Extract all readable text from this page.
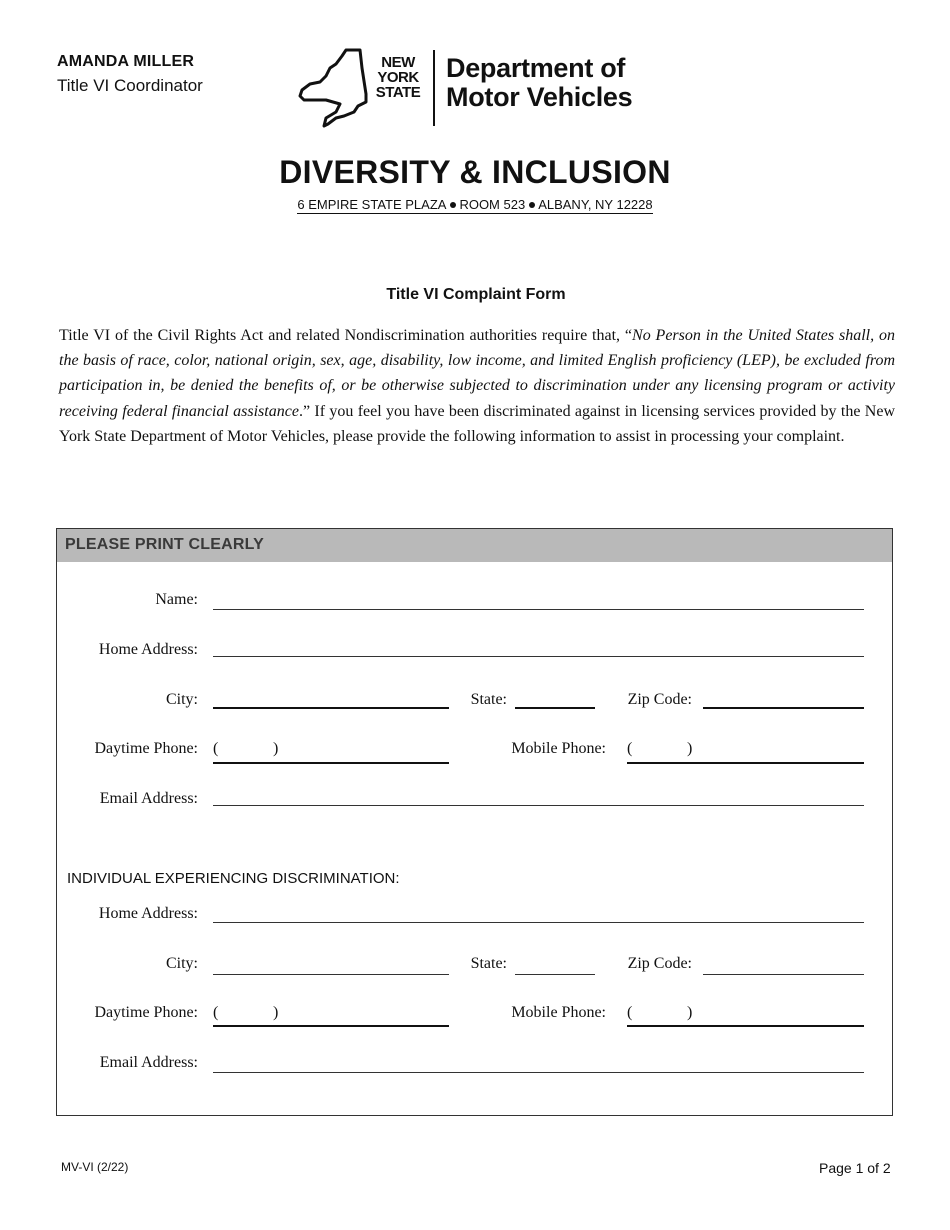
AMANDA MILLER
Title VI Coordinator
NEW YORK STATE
Department of Motor Vehicles
DIVERSITY & INCLUSION
6 EMPIRE STATE PLAZA ROOM 523 ALBANY, NY 12228
Title VI Complaint Form
Title VI of the Civil Rights Act and related Nondiscrimination authorities require that, “No Person in the United States shall, on the basis of race, color, national origin, sex, age, disability, low income, and limited English proficiency (LEP), be excluded from participation in, be denied the benefits of, or be otherwise subjected to discrimination under any licensing program or activity receiving federal financial assistance.” If you feel you have been discriminated against in licensing services provided by the New York State Department of Motor Vehicles, please provide the following information to assist in processing your complaint.
PLEASE PRINT CLEARLY
Name:
Home Address:
City:	State:	Zip Code:
Daytime Phone: (	)	Mobile Phone: (	)
Email Address:
INDIVIDUAL EXPERIENCING DISCRIMINATION:
Home Address:
City:	State:	Zip Code:
Daytime Phone: (	)	Mobile Phone: (	)
Email Address:
MV-VI (2/22)	Page 1 of 2
